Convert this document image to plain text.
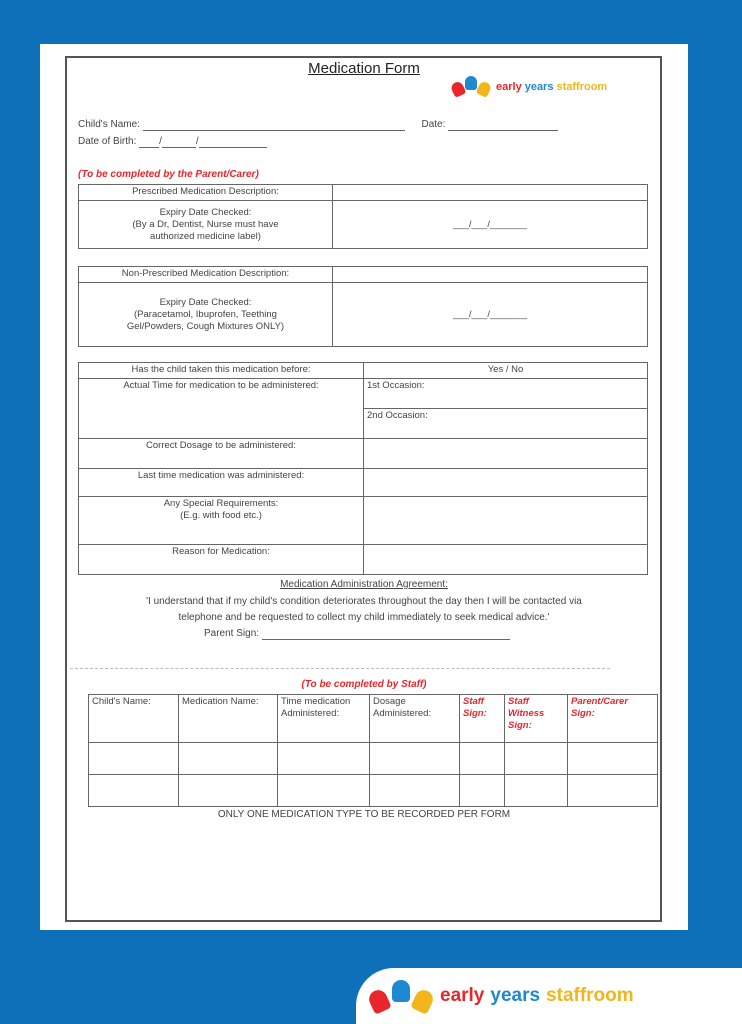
Medication Form
early years staffroom
Child's Name:	Date:
Date of Birth: /	/
(To be completed by the Parent/Carer)
Prescribed Medication Description:	

Expiry Date Checked:
(By a Dr, Dentist, Nurse must have
authorized medicine label)	___/___/_______
Non-Prescribed Medication Description:	

Expiry Date Checked:
(Paracetamol, Ibuprofen, Teething
Gel/Powders, Cough Mixtures ONLY)	___/___/_______
Has the child taken this medication before:	Yes / No
Actual Time for medication to be administered:	1st Occasion:
	2nd Occasion:
Correct Dosage to be administered:	
Last time medication was administered:	

Any Special Requirements:
(E.g. with food etc.)	

Reason for Medication:	
Medication Administration Agreement:
'I understand that if my child's condition deteriorates throughout the day then I will be contacted via
telephone and be requested to collect my child immediately to seek medical advice.'
Parent Sign:
(To be completed by Staff)
Child's Name:	Medication Name:	Time medication Administered:	Dosage Administered:	Staff Sign:	Staff Witness Sign:	Parent/Carer Sign:

ONLY ONE MEDICATION TYPE TO BE RECORDED PER FORM
early years staffroom
